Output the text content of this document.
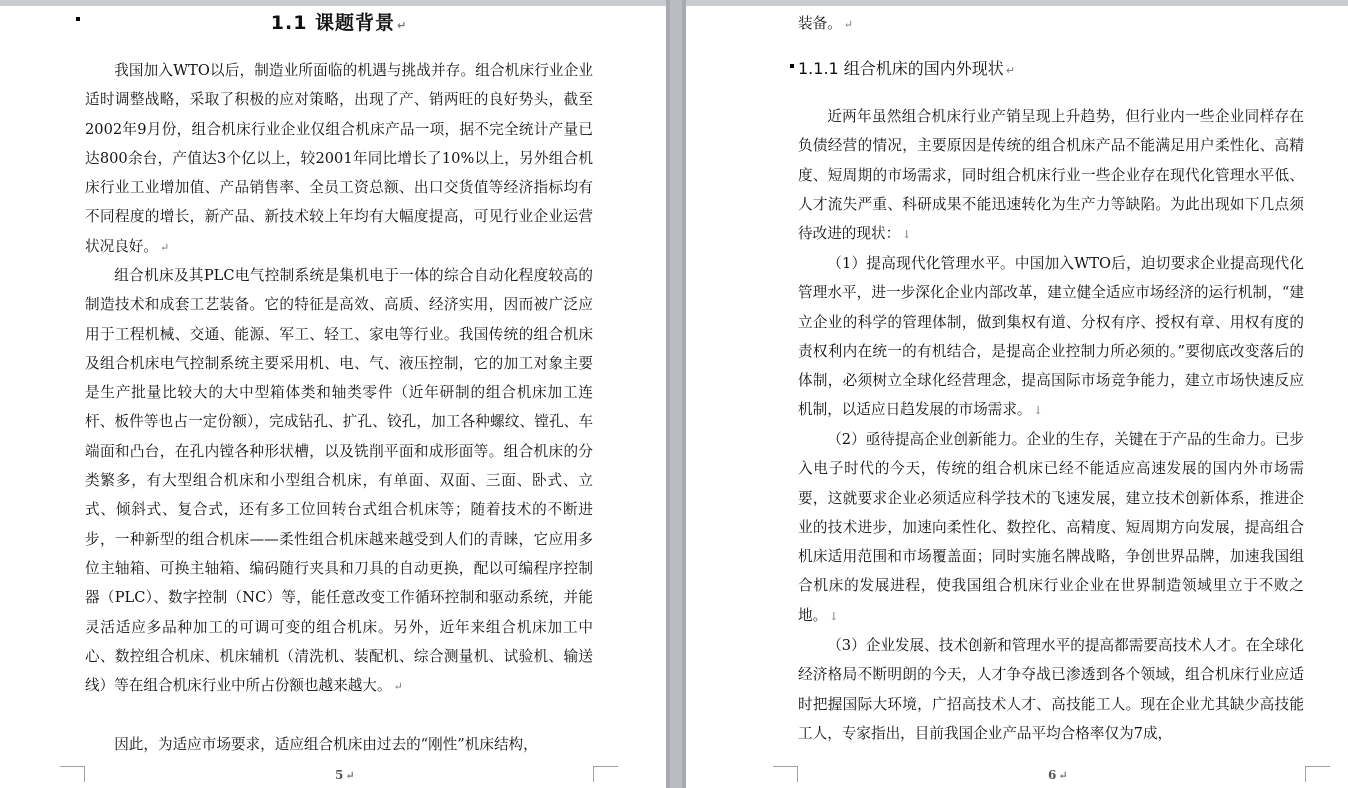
1.1 课题背景 ↵

我国加入WTO以后，制造业所面临的机遇与挑战并存。组合机床行业企业适时调整战略，采取了积极的应对策略，出现了产、销两旺的良好势头，截至2002年9月份，组合机床行业企业仅组合机床产品一项，据不完全统计产量已达800余台，产值达3个亿以上，较2001年同比增长了10%以上，另外组合机床行业工业增加值、产品销售率、全员工资总额、出口交货值等经济指标均有不同程度的增长，新产品、新技术较上年均有大幅度提高，可见行业企业运营状况良好。 ↵

组合机床及其PLC电气控制系统是集机电于一体的综合自动化程度较高的制造技术和成套工艺装备。它的特征是高效、高质、经济实用，因而被广泛应用于工程机械、交通、能源、军工、轻工、家电等行业。我国传统的组合机床及组合机床电气控制系统主要采用机、电、气、液压控制，它的加工对象主要是生产批量比较大的大中型箱体类和轴类零件（近年研制的组合机床加工连杆、板件等也占一定份额），完成钻孔、扩孔、铰孔，加工各种螺纹、镗孔、车端面和凸台，在孔内镗各种形状槽，以及铣削平面和成形面等。组合机床的分类繁多，有大型组合机床和小型组合机床，有单面、双面、三面、卧式、立式、倾斜式、复合式，还有多工位回转台式组合机床等；随着技术的不断进步，一种新型的组合机床——柔性组合机床越来越受到人们的青睐，它应用多位主轴箱、可换主轴箱、编码随行夹具和刀具的自动更换，配以可编程序控制器（PLC）、数字控制（NC）等，能任意改变工作循环控制和驱动系统，并能灵活适应多品种加工的可调可变的组合机床。另外，近年来组合机床加工中心、数控组合机床、机床辅机（清洗机、装配机、综合测量机、试验机、输送线）等在组合机床行业中所占份额也越来越大。 ↵

因此，为适应市场要求，适应组合机床由过去的“刚性”机床结构，

5 ↵

装备。 ↵

1.1.1 组合机床的国内外现状 ↵

近两年虽然组合机床行业产销呈现上升趋势，但行业内一些企业同样存在负债经营的情况，主要原因是传统的组合机床产品不能满足用户柔性化、高精度、短周期的市场需求，同时组合机床行业一些企业存在现代化管理水平低、人才流失严重、科研成果不能迅速转化为生产力等缺陷。为此出现如下几点须待改进的现状： ↓

（1）提高现代化管理水平。中国加入WTO后，迫切要求企业提高现代化管理水平，进一步深化企业内部改革，建立健全适应市场经济的运行机制，“建立企业的科学的管理体制，做到集权有道、分权有序、授权有章、用权有度的责权利内在统一的有机结合，是提高企业控制力所必须的。”要彻底改变落后的体制，必须树立全球化经营理念，提高国际市场竞争能力，建立市场快速反应机制，以适应日趋发展的市场需求。 ↓

（2）亟待提高企业创新能力。企业的生存，关键在于产品的生命力。已步入电子时代的今天，传统的组合机床已经不能适应高速发展的国内外市场需要，这就要求企业必须适应科学技术的飞速发展，建立技术创新体系，推进企业的技术进步，加速向柔性化、数控化、高精度、短周期方向发展，提高组合机床适用范围和市场覆盖面；同时实施名牌战略，争创世界品牌，加速我国组合机床的发展进程，使我国组合机床行业企业在世界制造领域里立于不败之地。 ↓

（3）企业发展、技术创新和管理水平的提高都需要高技术人才。在全球化经济格局不断明朗的今天，人才争夺战已渗透到各个领域，组合机床行业应适时把握国际大环境，广招高技术人才、高技能工人。现在企业尤其缺少高技能工人，专家指出，目前我国企业产品平均合格率仅为7成，

6 ↵
